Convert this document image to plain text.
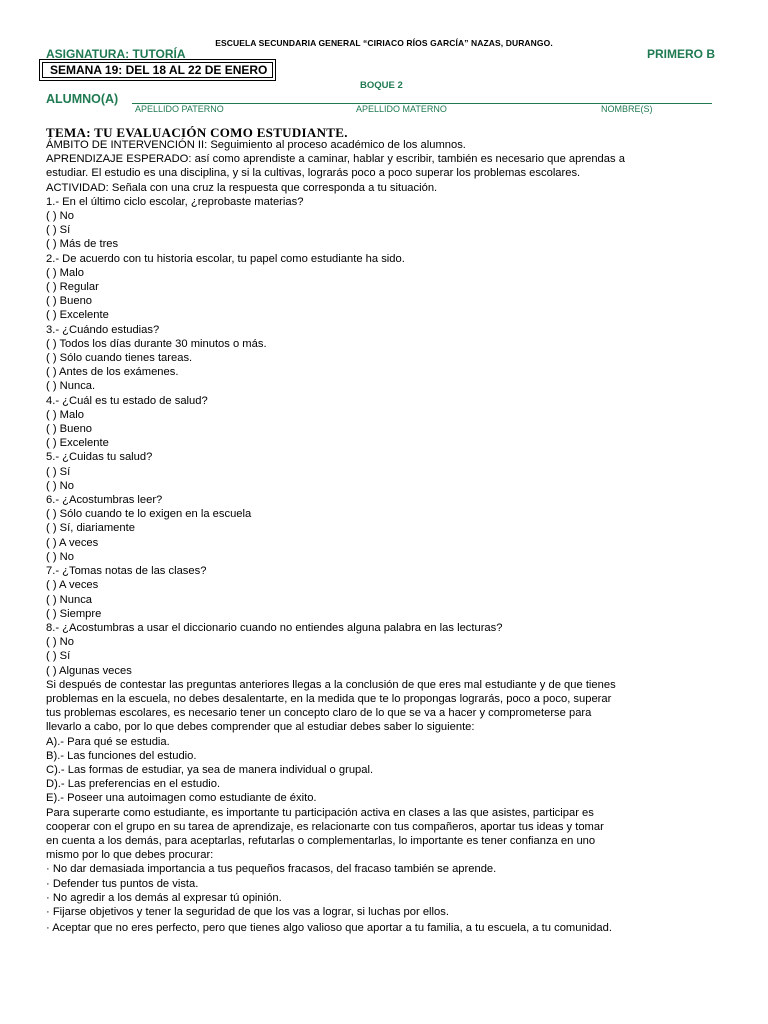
ESCUELA SECUNDARIA GENERAL “CIRIACO RÍOS GARCÍA” NAZAS, DURANGO.
ASIGNATURA: TUTORÍA	PRIMERO B
SEMANA 19: DEL 18 AL 22 DE ENERO
BOQUE 2
ALUMNO(A)
APELLIDO PATERNO	APELLIDO MATERNO	NOMBRE(S)
TEMA: TU EVALUACIÓN COMO ESTUDIANTE.

ÁMBITO DE INTERVENCIÓN II: Seguimiento al proceso académico de los alumnos.

APRENDIZAJE ESPERADO: así como aprendiste a caminar, hablar y escribir, también es necesario que aprendas a

estudiar. El estudio es una disciplina, y si la cultivas, lograrás poco a poco superar los problemas escolares.

ACTIVIDAD: Señala con una cruz la respuesta que corresponda a tu situación.

1.- En el último ciclo escolar, ¿reprobaste materias?

( ) No

( ) Sí

( ) Más de tres

2.- De acuerdo con tu historia escolar, tu papel como estudiante ha sido.

( ) Malo

( ) Regular

( ) Bueno

( ) Excelente

3.- ¿Cuándo estudias?

( ) Todos los días durante 30 minutos o más.

( ) Sólo cuando tienes tareas.

( ) Antes de los exámenes.

( ) Nunca.

4.- ¿Cuál es tu estado de salud?

( ) Malo

( ) Bueno

( ) Excelente

5.- ¿Cuidas tu salud?

( ) Sí

( ) No

6.- ¿Acostumbras leer?

( ) Sólo cuando te lo exigen en la escuela

( ) Sí, diariamente

( ) A veces

( ) No

7.- ¿Tomas notas de las clases?

( ) A veces

( ) Nunca

( ) Siempre

8.- ¿Acostumbras a usar el diccionario cuando no entiendes alguna palabra en las lecturas?

( ) No

( ) Sí

( ) Algunas veces

Si después de contestar las preguntas anteriores llegas a la conclusión de que eres mal estudiante y de que tienes

problemas en la escuela, no debes desalentarte, en la medida que te lo propongas lograrás, poco a poco, superar

tus problemas escolares, es necesario tener un concepto claro de lo que se va a hacer y comprometerse para

llevarlo a cabo, por lo que debes comprender que al estudiar debes saber lo siguiente:

A).- Para qué se estudia.

B).- Las funciones del estudio.

C).- Las formas de estudiar, ya sea de manera individual o grupal.

D).- Las preferencias en el estudio.

E).- Poseer una autoimagen como estudiante de éxito.

Para superarte como estudiante, es importante tu participación activa en clases a las que asistes, participar es

cooperar con el grupo en su tarea de aprendizaje, es relacionarte con tus compañeros, aportar tus ideas y tomar

en cuenta a los demás, para aceptarlas, refutarlas o complementarlas, lo importante es tener confianza en uno

mismo por lo que debes procurar:

· No dar demasiada importancia a tus pequeños fracasos, del fracaso también se aprende.

· Defender tus puntos de vista.

· No agredir a los demás al expresar tú opinión.

· Fijarse objetivos y tener la seguridad de que los vas a lograr, si luchas por ellos.

· Aceptar que no eres perfecto, pero que tienes algo valioso que aportar a tu familia, a tu escuela, a tu comunidad.
